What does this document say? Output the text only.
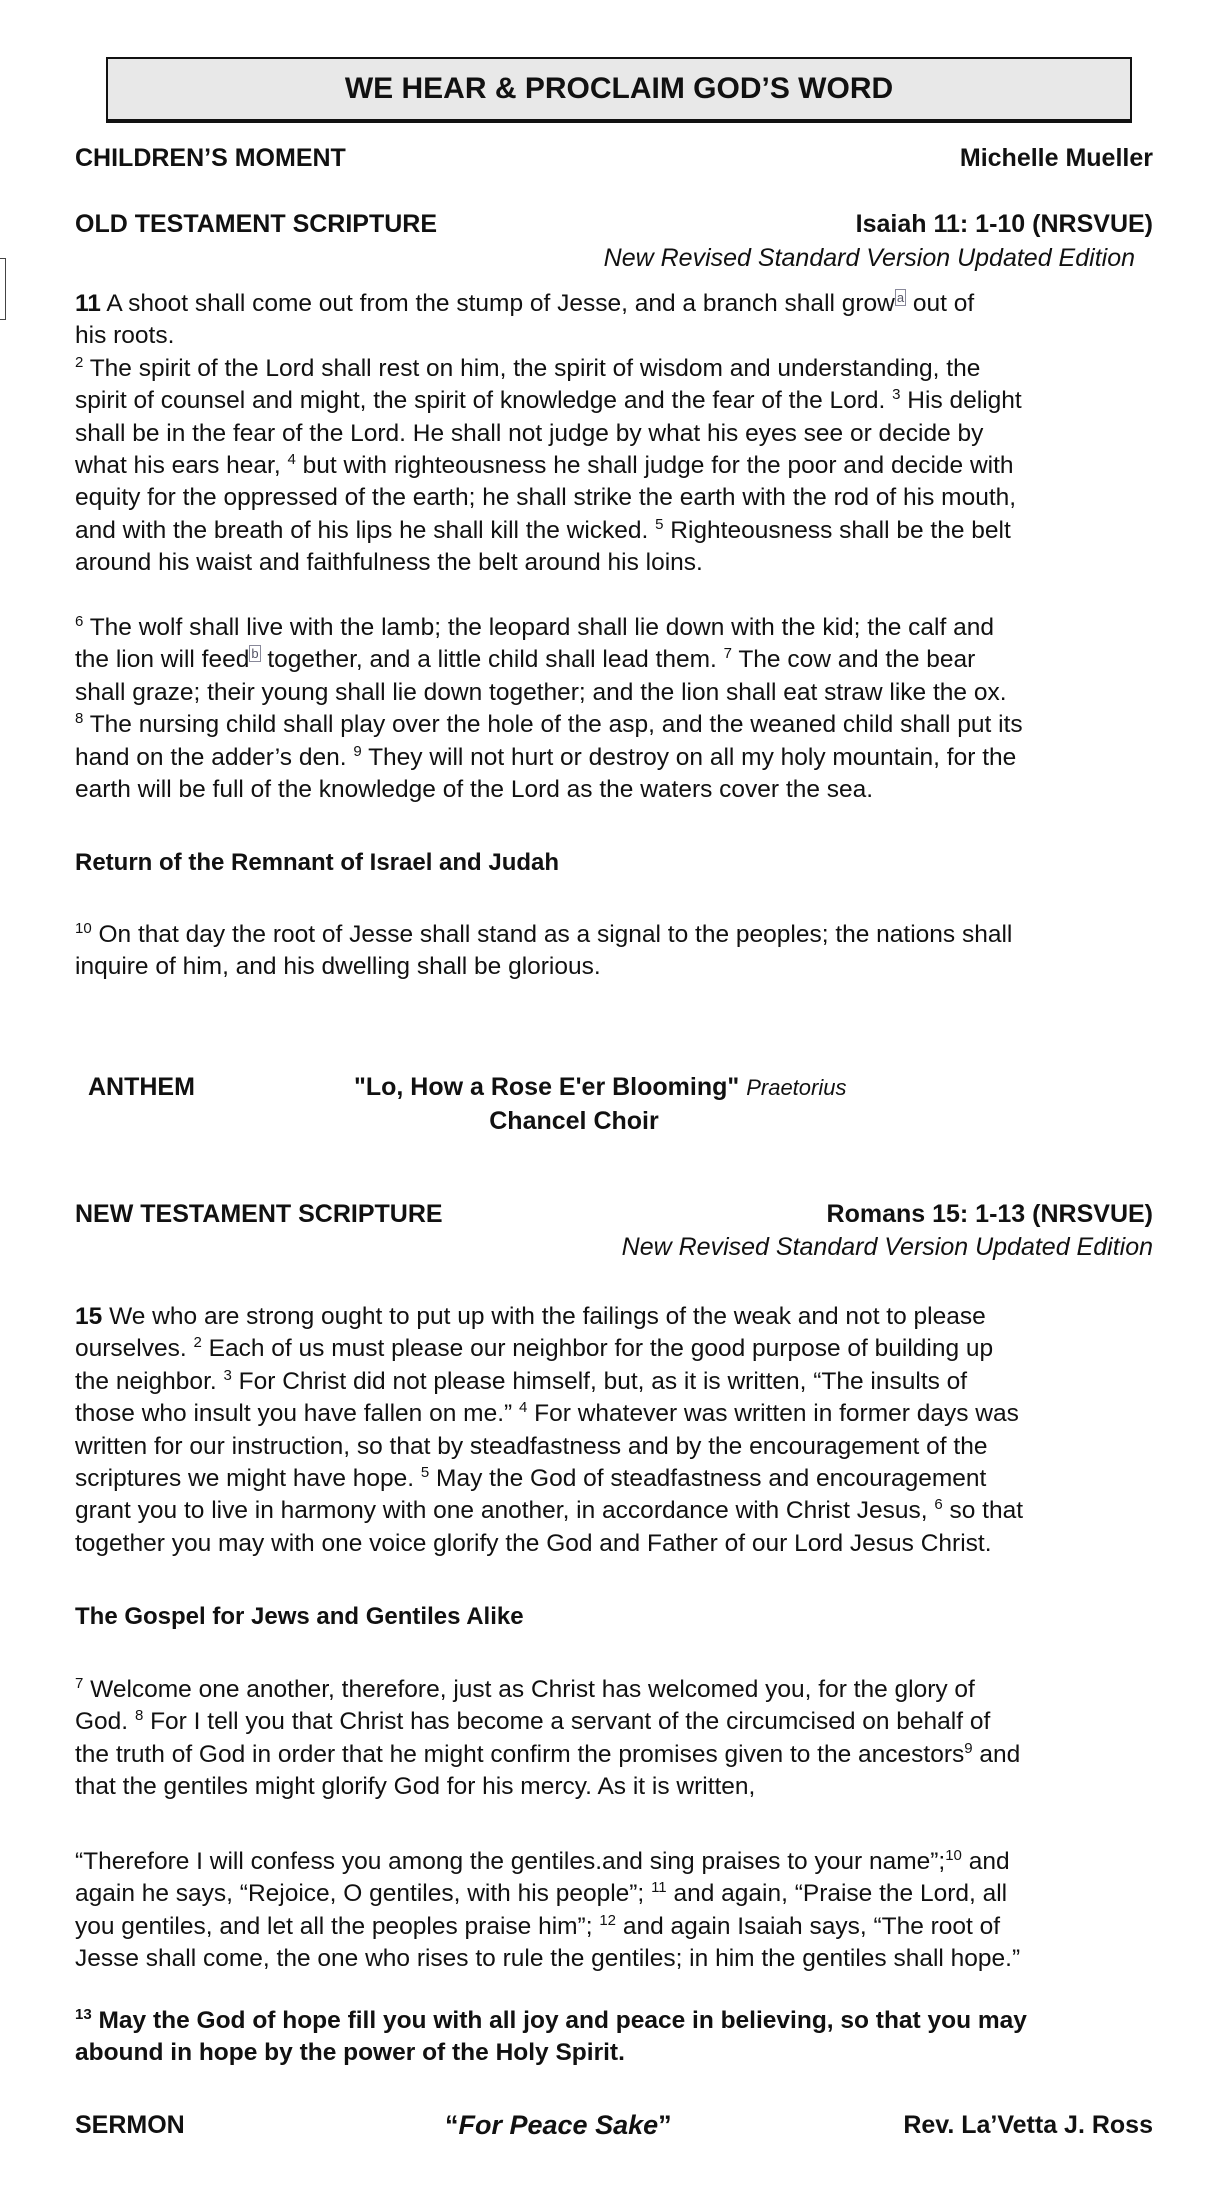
WE HEAR & PROCLAIM GOD’S WORD
CHILDREN’S MOMENT	Michelle Mueller
OLD TESTAMENT SCRIPTURE	Isaiah 11: 1-10 (NRSVUE)
New Revised Standard Version Updated Edition
11 A shoot shall come out from the stump of Jesse, and a branch shall grow $^a$ out of
his roots.
$^2$ The spirit of the Lord shall rest on him, the spirit of wisdom and understanding, the
spirit of counsel and might, the spirit of knowledge and the fear of the Lord. $^3$ His delight
shall be in the fear of the Lord. He shall not judge by what his eyes see or decide by
what his ears hear, $^4$ but with righteousness he shall judge for the poor and decide with
equity for the oppressed of the earth; he shall strike the earth with the rod of his mouth,
and with the breath of his lips he shall kill the wicked. $^5$ Righteousness shall be the belt
around his waist and faithfulness the belt around his loins.
$^6$ The wolf shall live with the lamb; the leopard shall lie down with the kid; the calf and
the lion will feed $^b$ together, and a little child shall lead them. $^7$ The cow and the bear
shall graze; their young shall lie down together; and the lion shall eat straw like the ox.
$^8$ The nursing child shall play over the hole of the asp, and the weaned child shall put its
hand on the adder’s den. $^9$ They will not hurt or destroy on all my holy mountain, for the
earth will be full of the knowledge of the Lord as the waters cover the sea.
Return of the Remnant of Israel and Judah
$^{10}$ On that day the root of Jesse shall stand as a signal to the peoples; the nations shall
inquire of him, and his dwelling shall be glorious.
ANTHEM	"Lo, How a Rose E'er Blooming" Praetorius
Chancel Choir
NEW TESTAMENT SCRIPTURE	Romans 15: 1-13 (NRSVUE)
New Revised Standard Version Updated Edition
15 We who are strong ought to put up with the failings of the weak and not to please
ourselves. $^2$ Each of us must please our neighbor for the good purpose of building up
the neighbor. $^3$ For Christ did not please himself, but, as it is written, “The insults of
those who insult you have fallen on me.” $^4$ For whatever was written in former days was
written for our instruction, so that by steadfastness and by the encouragement of the
scriptures we might have hope. $^5$ May the God of steadfastness and encouragement
grant you to live in harmony with one another, in accordance with Christ Jesus, $^6$ so that
together you may with one voice glorify the God and Father of our Lord Jesus Christ.
The Gospel for Jews and Gentiles Alike
$^7$ Welcome one another, therefore, just as Christ has welcomed you, for the glory of
God. $^8$ For I tell you that Christ has become a servant of the circumcised on behalf of
the truth of God in order that he might confirm the promises given to the ancestors$^9$ and
that the gentiles might glorify God for his mercy. As it is written,
“Therefore I will confess you among the gentiles.and sing praises to your name”;$^{10}$ and
again he says, “Rejoice, O gentiles, with his people”; $^{11}$ and again, “Praise the Lord, all
you gentiles, and let all the peoples praise him”; $^{12}$ and again Isaiah says, “The root of
Jesse shall come, the one who rises to rule the gentiles; in him the gentiles shall hope.”
$^{13}$ May the God of hope fill you with all joy and peace in believing, so that you may
abound in hope by the power of the Holy Spirit.
SERMON	“For Peace Sake”	Rev. La’Vetta J. Ross
